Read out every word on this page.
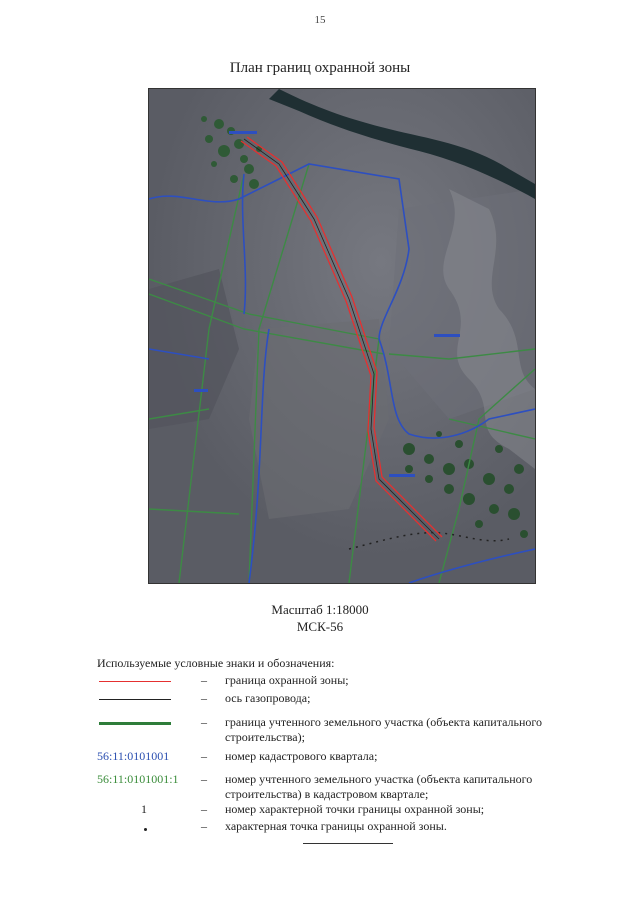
15
План границ охранной зоны
Масштаб 1:18000
МСК-56
Используемые условные знаки и обозначения:
–	граница охранной зоны;
–	ось газопровода;
–	граница учтенного земельного участка (объекта капитального строительства);
56:11:0101001	–	номер кадастрового квартала;
56:11:0101001:1	–	номер учтенного земельного участка (объекта капитального строительства) в кадастровом квартале;
1	–	номер характерной точки границы охранной зоны;
–	характерная точка границы охранной зоны.
